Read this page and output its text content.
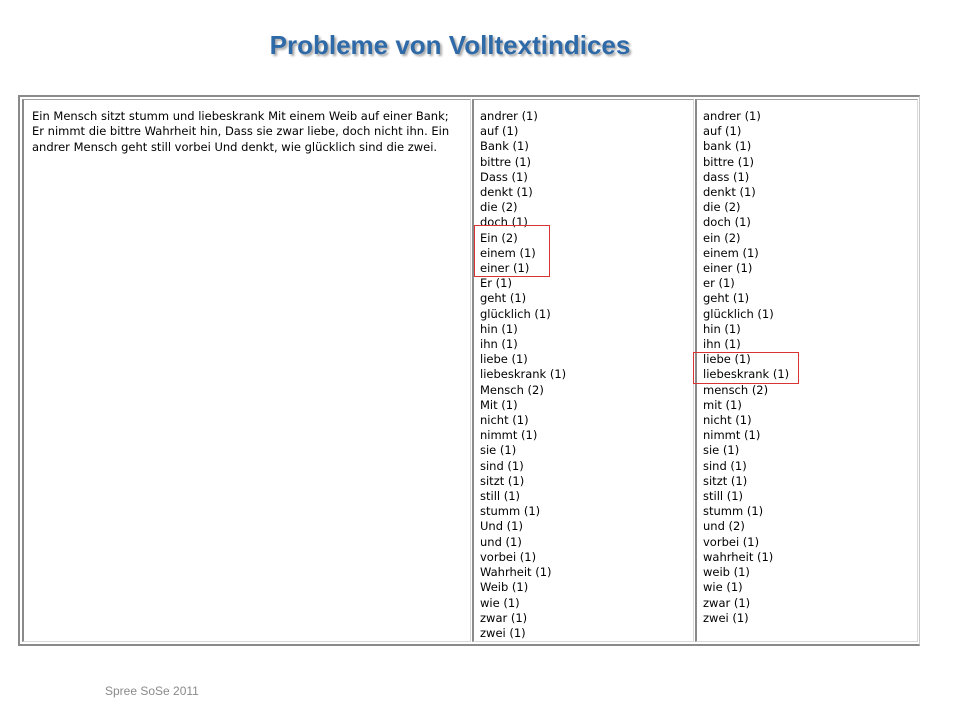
Probleme von Volltextindices

Ein Mensch sitzt stumm und liebeskrank Mit einem Weib auf einer Bank; Er nimmt die bittre Wahrheit hin, Dass sie zwar liebe, doch nicht ihn. Ein andrer Mensch geht still vorbei Und denkt, wie glücklich sind die zwei.

andrer (1)
auf (1)
Bank (1)
bittre (1)
Dass (1)
denkt (1)
die (2)
doch (1)
Ein (2)
einem (1)
einer (1)
Er (1)
geht (1)
glücklich (1)
hin (1)
ihn (1)
liebe (1)
liebeskrank (1)
Mensch (2)
Mit (1)
nicht (1)
nimmt (1)
sie (1)
sind (1)
sitzt (1)
still (1)
stumm (1)
Und (1)
und (1)
vorbei (1)
Wahrheit (1)
Weib (1)
wie (1)
zwar (1)
zwei (1)
andrer (1)
auf (1)
bank (1)
bittre (1)
dass (1)
denkt (1)
die (2)
doch (1)
ein (2)
einem (1)
einer (1)
er (1)
geht (1)
glücklich (1)
hin (1)
ihn (1)
liebe (1)
liebeskrank (1)
mensch (2)
mit (1)
nicht (1)
nimmt (1)
sie (1)
sind (1)
sitzt (1)
still (1)
stumm (1)
und (2)
vorbei (1)
wahrheit (1)
weib (1)
wie (1)
zwar (1)
zwei (1)

Spree SoSe 2011
